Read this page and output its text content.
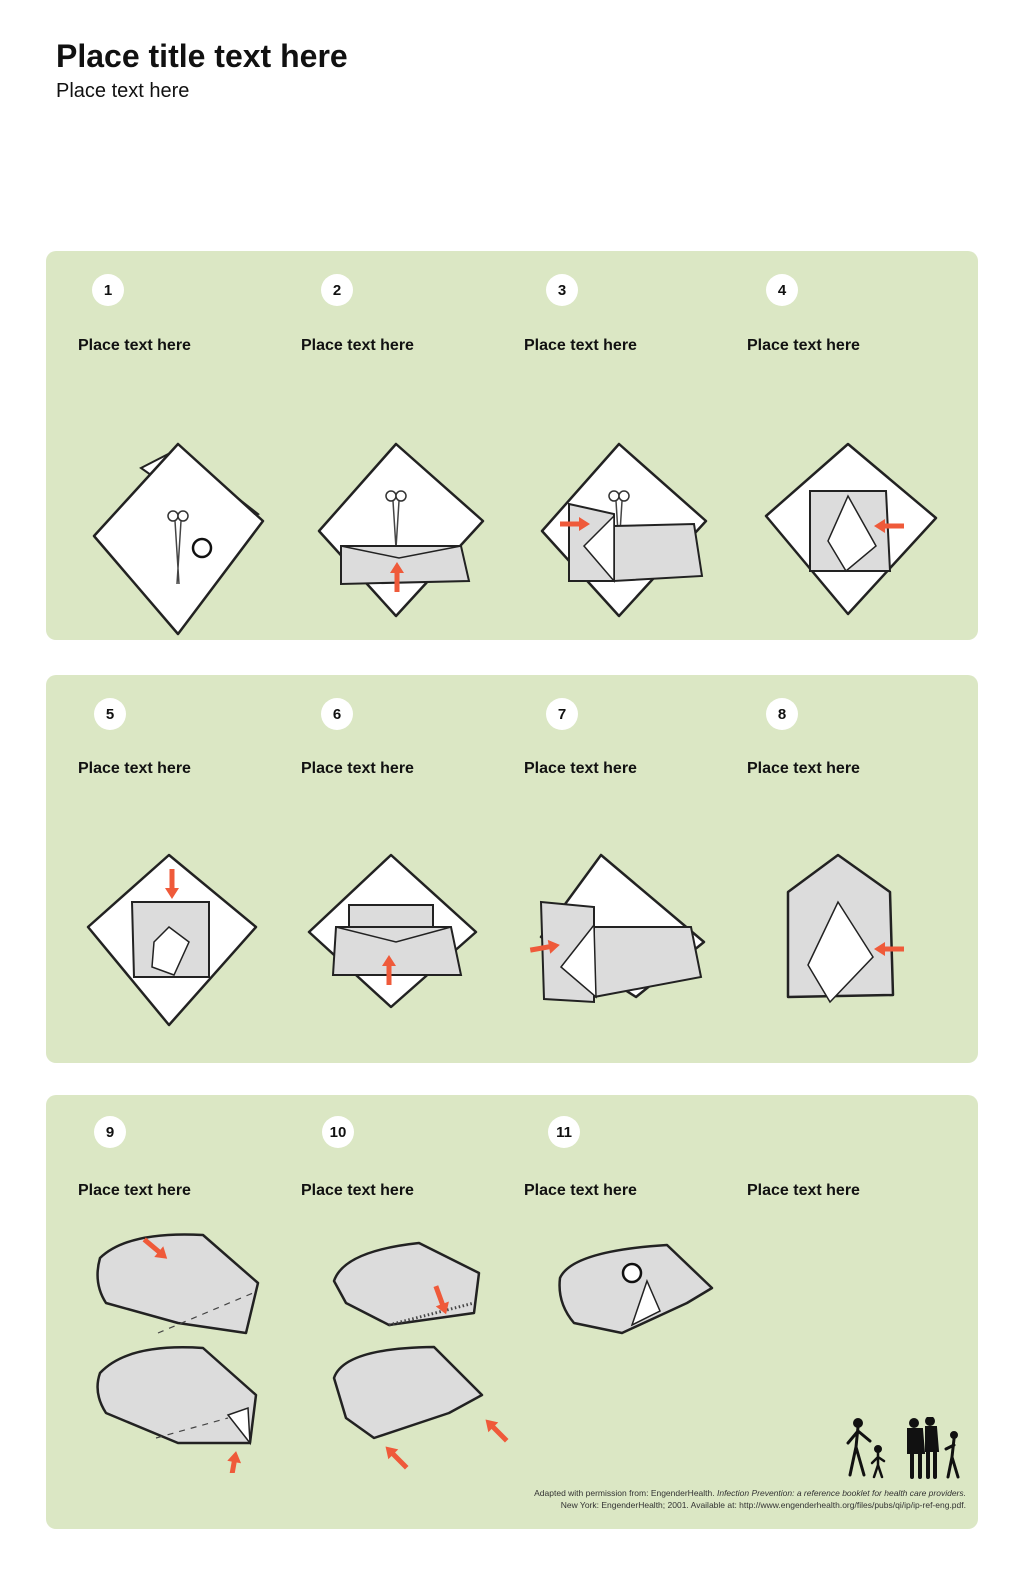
Place title text here
Place text here
1	2	3	4
Place text here	Place text here	Place text here	Place text here
5	6	7	8
Place text here	Place text here	Place text here	Place text here
9	10	11
Place text here	Place text here	Place text here	Place text here
Adapted with permission from: EngenderHealth. Infection Prevention: a reference booklet for health care providers.
New York: EngenderHealth; 2001. Available at: http://www.engenderhealth.org/files/pubs/qi/ip/ip-ref-eng.pdf.
